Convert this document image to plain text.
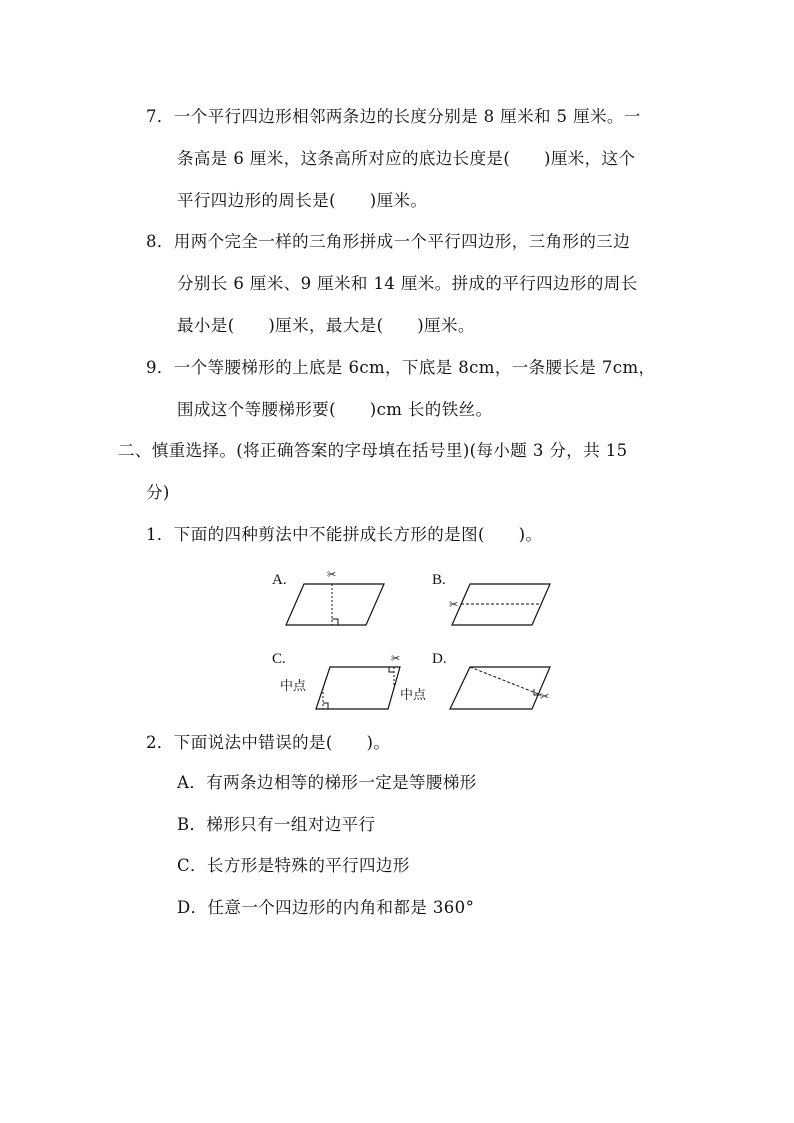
7．一个平行四边形相邻两条边的长度分别是 8 厘米和 5 厘米。一
条高是 6 厘米，这条高所对应的底边长度是(　　)厘米，这个
平行四边形的周长是(　　)厘米。
8．用两个完全一样的三角形拼成一个平行四边形，三角形的三边
分别长 6 厘米、9 厘米和 14 厘米。拼成的平行四边形的周长
最小是(　　)厘米，最大是(　　)厘米。
9．一个等腰梯形的上底是 6cm，下底是 8cm，一条腰长是 7cm，
围成这个等腰梯形要(　　)cm 长的铁丝。
二、慎重选择。(将正确答案的字母填在括号里)(每小题 3 分，共 15
分)
1．下面的四种剪法中不能拼成长方形的是图(　　)。
A.	✂	B.
✂
C.
中点
中点
✂ D.
✂
2．下面说法中错误的是(　　)。
A．有两条边相等的梯形一定是等腰梯形
B．梯形只有一组对边平行
C．长方形是特殊的平行四边形
D．任意一个四边形的内角和都是 360°
